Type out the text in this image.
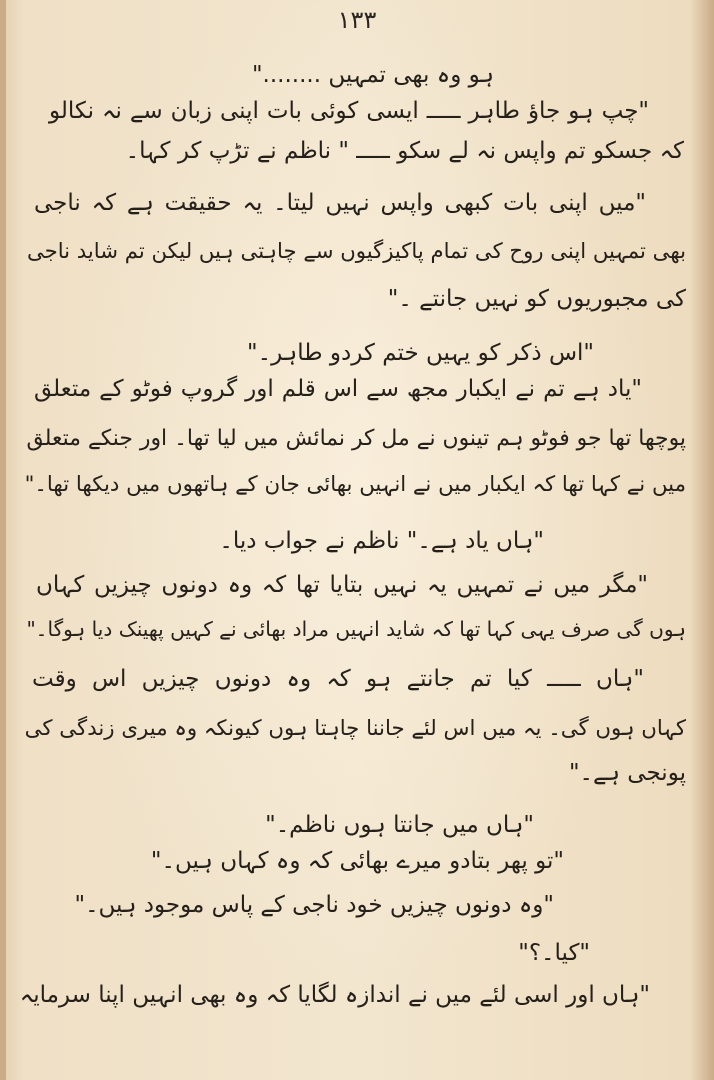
۱۳۳
ہو وہ بھی تمہیں ........"
"چپ ہو جاؤ طاہر ـــــ ایسی کوئی بات اپنی زبان سے نہ نکالو
کہ جسکو تم واپس نہ لے سکو ـــــ " ناظم نے تڑپ کر کہا۔
"میں اپنی بات کبھی واپس نہیں لیتا۔ یہ حقیقت ہے کہ ناجی
بھی تمہیں اپنی روح کی تمام پاکیزگیوں سے چاہتی ہیں لیکن تم شاید ناجی
کی مجبوریوں کو نہیں جانتے ۔"
"اس ذکر کو یہیں ختم کردو طاہر۔"
"یاد ہے تم نے ایکبار مجھ سے اس قلم اور گروپ فوٹو کے متعلق
پوچھا تھا جو فوٹو ہم تینوں نے مل کر نمائش میں لیا تھا۔ اور جنکے متعلق
میں نے کہا تھا کہ ایکبار میں نے انہیں بھائی جان کے ہاتھوں میں دیکھا تھا۔"
"ہاں یاد ہے۔" ناظم نے جواب دیا۔
"مگر میں نے تمہیں یہ نہیں بتایا تھا کہ وہ دونوں چیزیں کہاں
ہوں گی صرف یہی کہا تھا کہ شاید انہیں مراد بھائی نے کہیں پھینک دیا ہوگا۔"
"ہاں ـــــ کیا تم جانتے ہو کہ وہ دونوں چیزیں اس وقت
کہاں ہوں گی۔ یہ میں اس لئے جاننا چاہتا ہوں کیونکہ وہ میری زندگی کی
پونجی ہے۔"
"ہاں میں جانتا ہوں ناظم۔"
"تو پھر بتادو میرے بھائی کہ وہ کہاں ہیں۔"
"وہ دونوں چیزیں خود ناجی کے پاس موجود ہیں۔"
"کیا۔؟"
"ہاں اور اسی لئے میں نے اندازہ لگایا کہ وہ بھی انہیں اپنا سرمایہ
